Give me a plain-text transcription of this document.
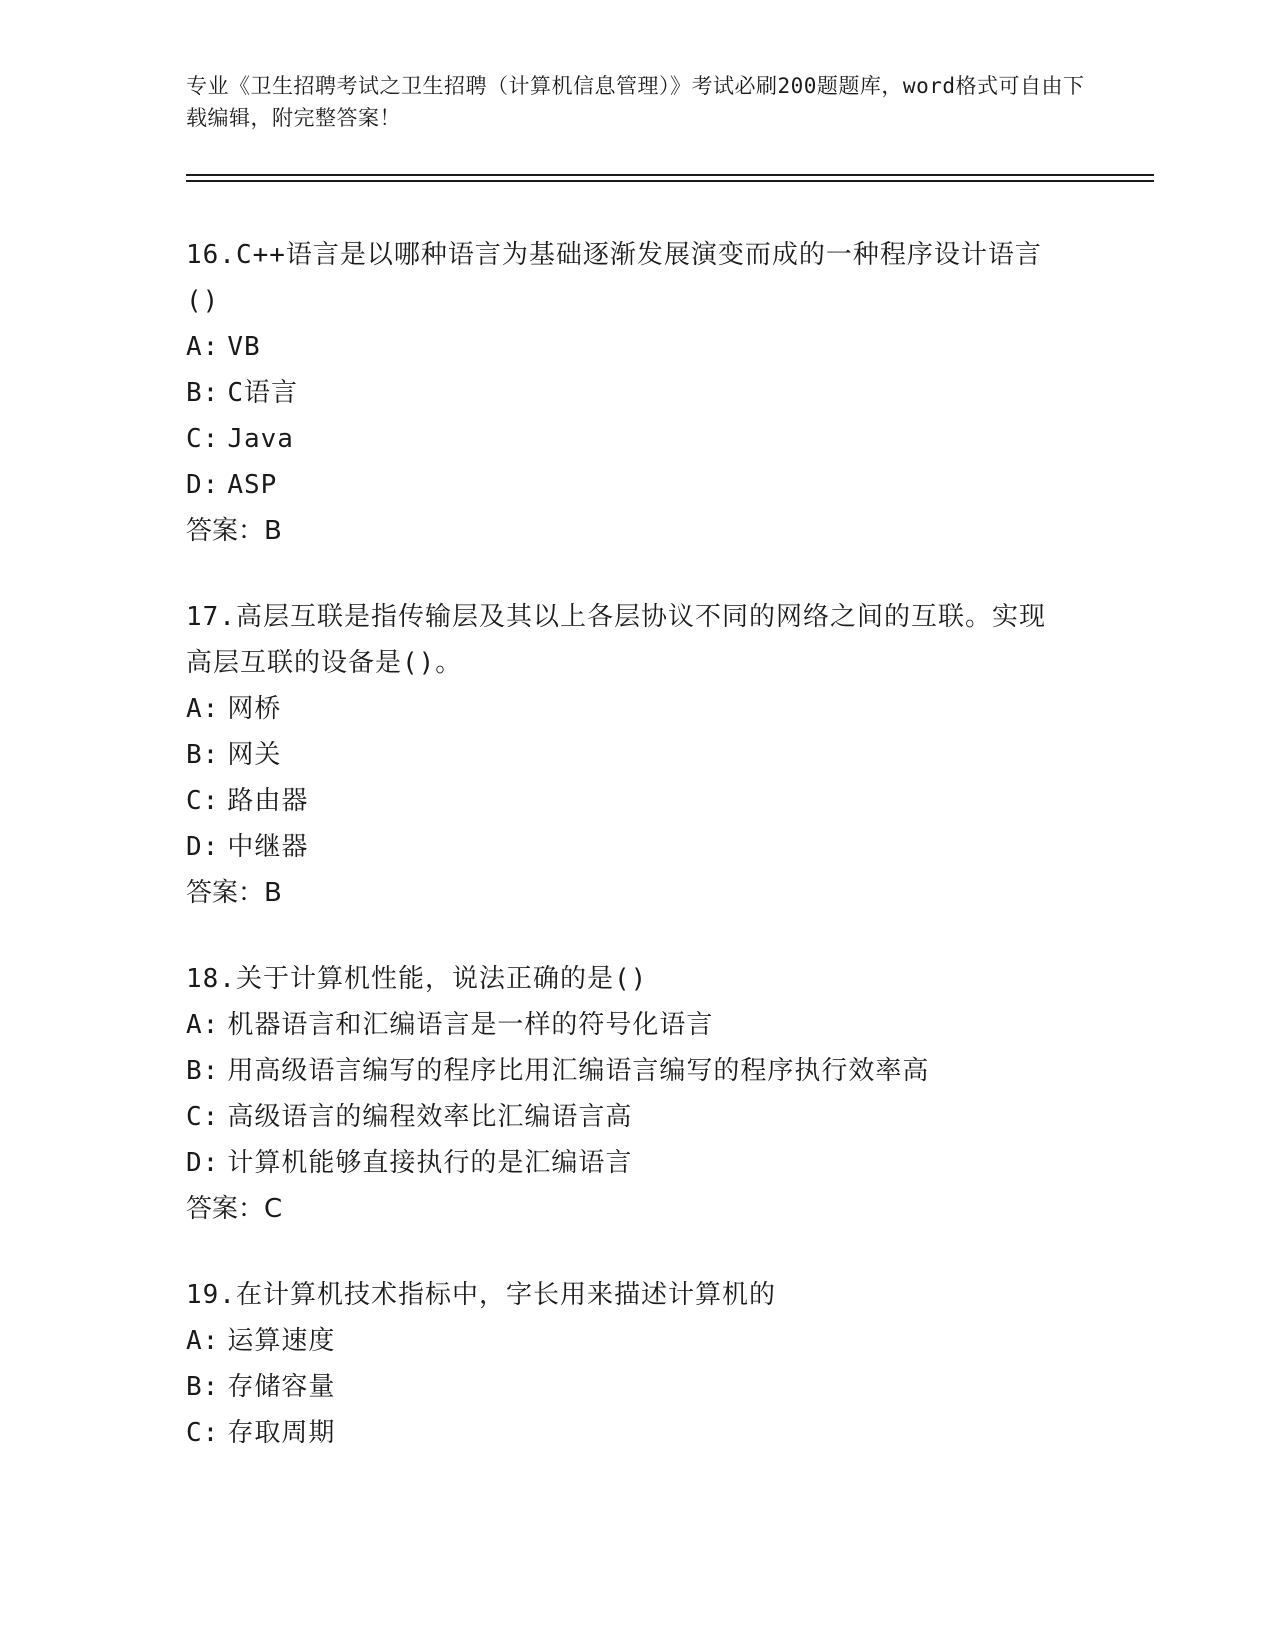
专业《卫生招聘考试之卫生招聘（计算机信息管理）》考试必刷200题题库，word格式可自由下载编辑，附完整答案！

16.C++语言是以哪种语言为基础逐渐发展演变而成的一种程序设计语言()

A: VB

B: C语言

C: Java

D: ASP

答案：B

17.高层互联是指传输层及其以上各层协议不同的网络之间的互联。实现高层互联的设备是()。

A: 网桥

B: 网关

C: 路由器

D: 中继器

答案：B

18.关于计算机性能，说法正确的是()

A: 机器语言和汇编语言是一样的符号化语言

B: 用高级语言编写的程序比用汇编语言编写的程序执行效率高

C: 高级语言的编程效率比汇编语言高

D: 计算机能够直接执行的是汇编语言

答案：C

19.在计算机技术指标中，字长用来描述计算机的

A: 运算速度

B: 存储容量

C: 存取周期
